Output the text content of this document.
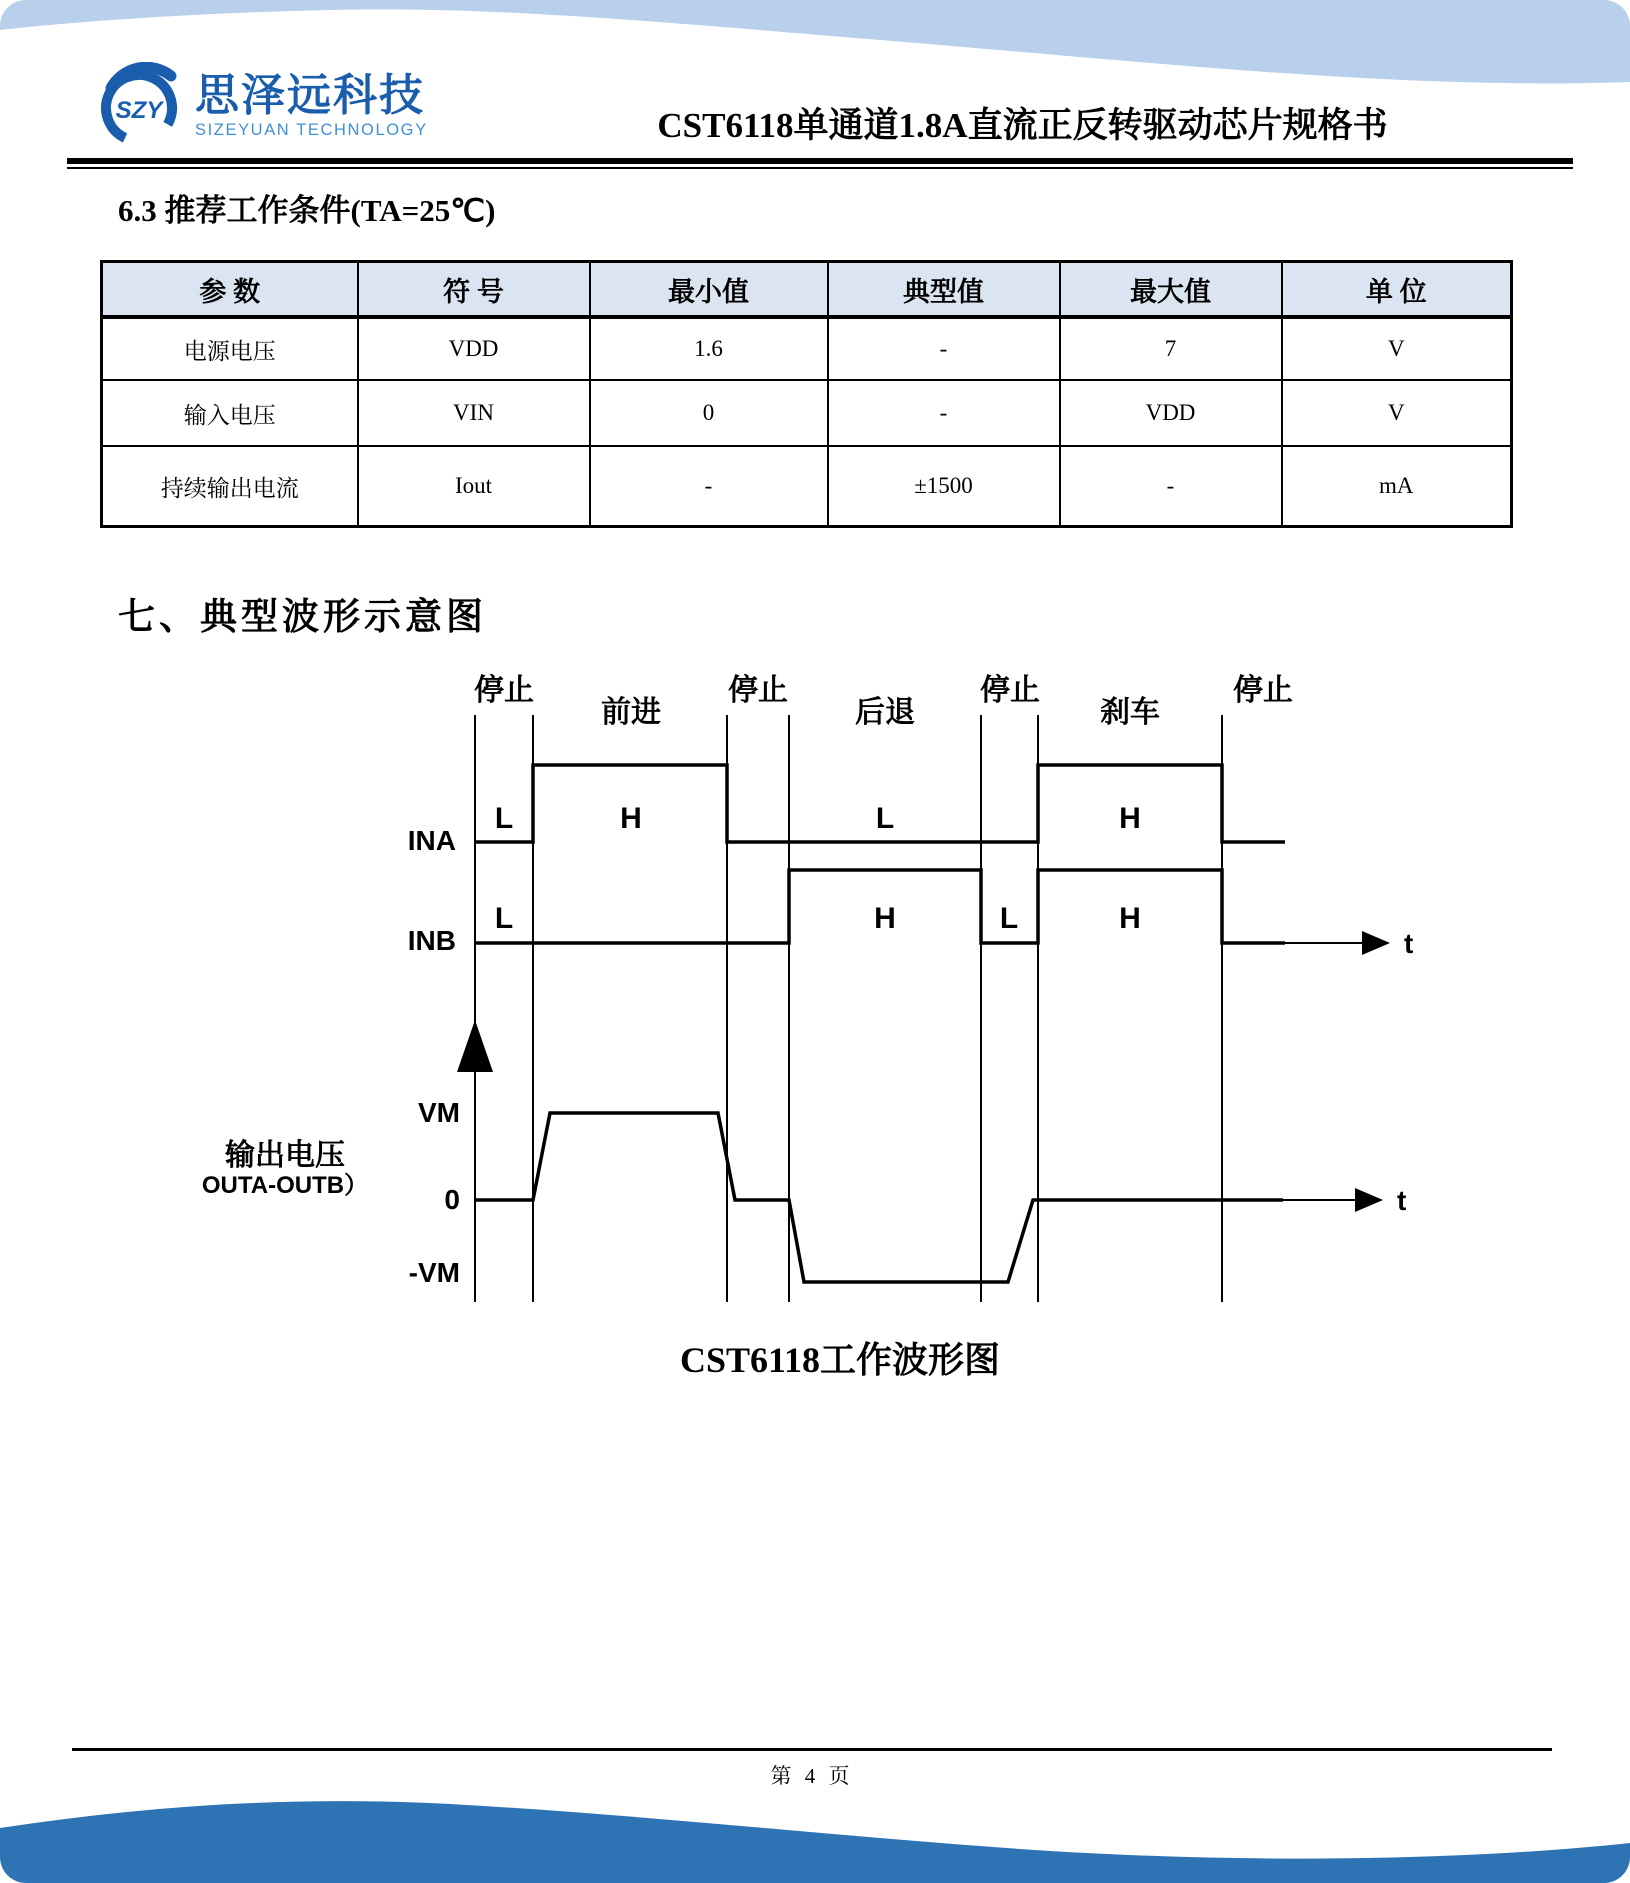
SZY 思泽远科技
SIZEYUAN TECHNOLOGY	CST6118单通道1.8A直流正反转驱动芯片规格书
6.3 推荐工作条件(TA=25℃)
参 数	符 号	最小值	典型值	最大值	单 位
电源电压	VDD	1.6	-	7	V
输入电压	VIN	0	-	VDD	V
持续输出电流	Iout	-	±1500	-	mA
七、典型波形示意图
停止
前进
停止
后退
停止
刹车
停止
INA
L	H	L	H
INB	t
L	H	L	H
VM
0
-VM
输出电压
OUTA-OUTB）	t
CST6118工作波形图
第 4 页
